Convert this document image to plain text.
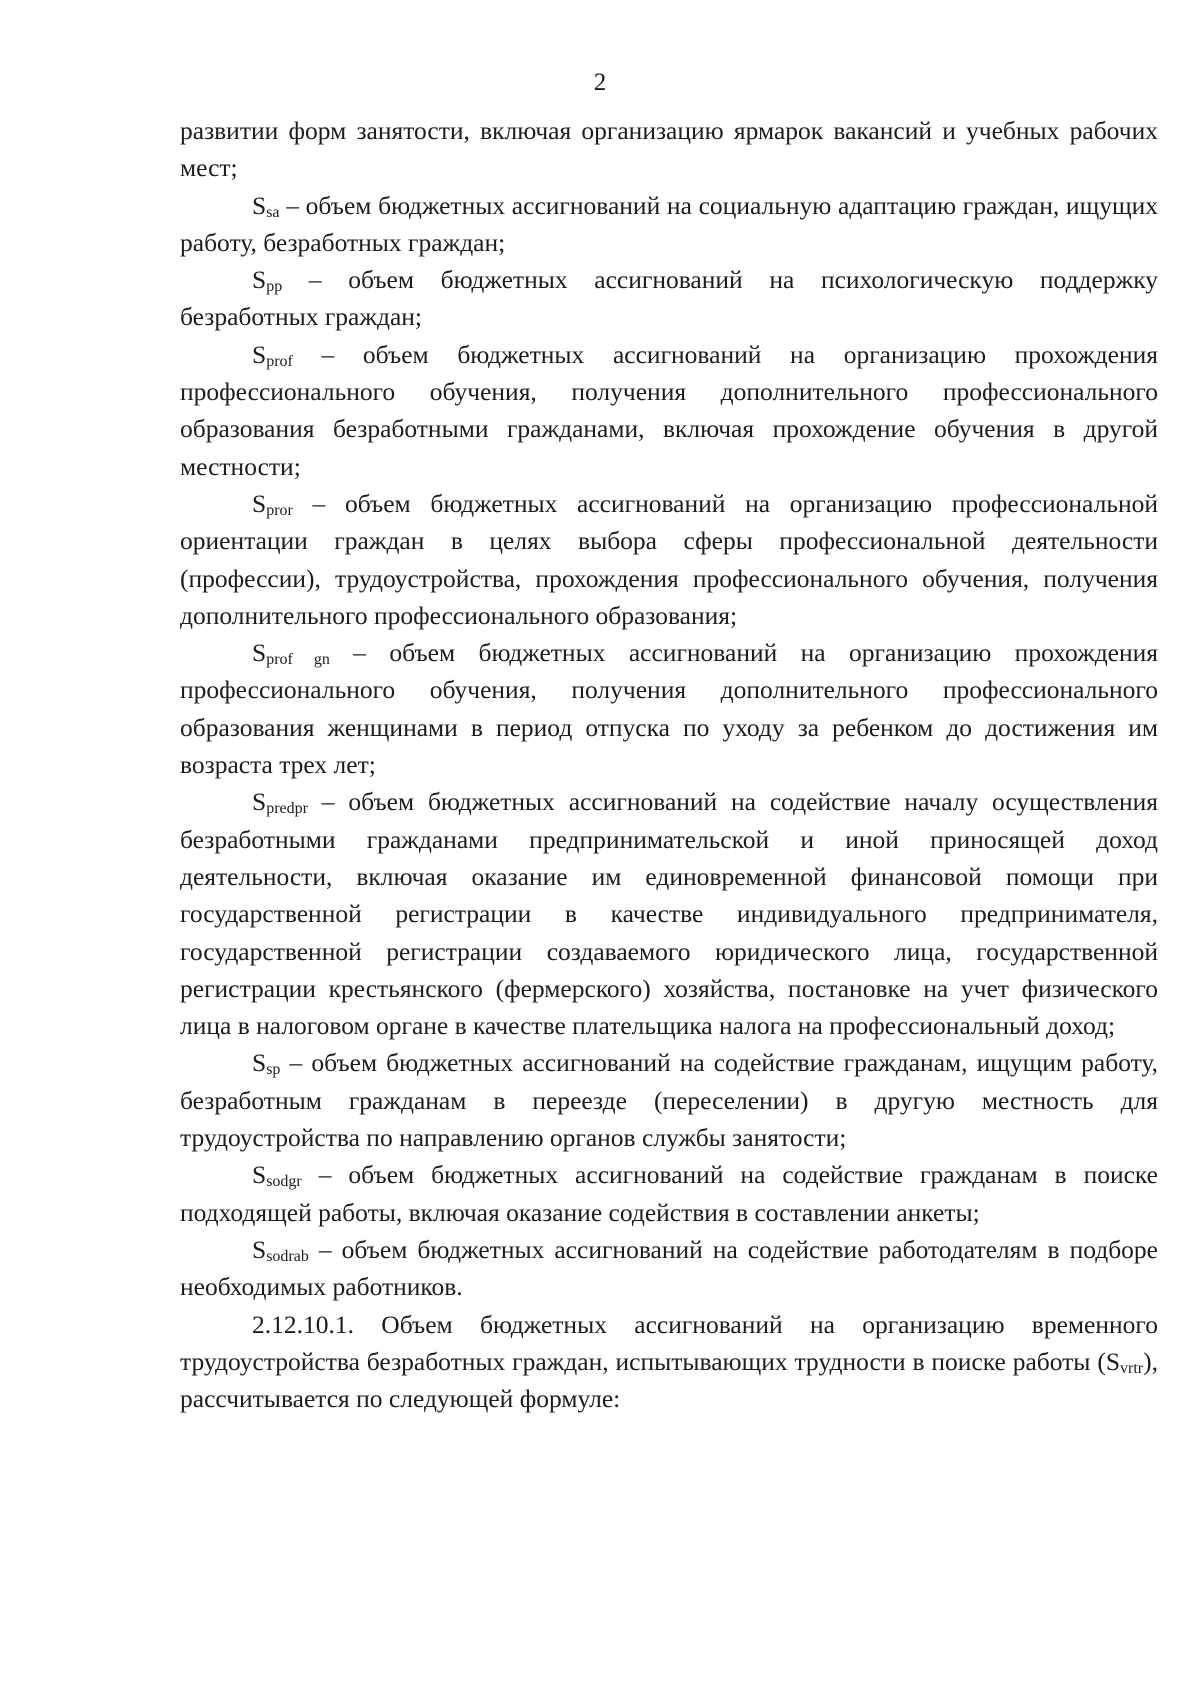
2

развитии форм занятости, включая организацию ярмарок вакансий и учебных рабочих мест;

Ssa – объем бюджетных ассигнований на социальную адаптацию граждан, ищущих работу, безработных граждан;

Spp – объем бюджетных ассигнований на психологическую поддержку безработных граждан;

Sprof – объем бюджетных ассигнований на организацию прохождения профессионального обучения, получения дополнительного профессионального образования безработными гражданами, включая прохождение обучения в другой местности;

Spror – объем бюджетных ассигнований на организацию профессиональной ориентации граждан в целях выбора сферы профессиональной деятельности (профессии), трудоустройства, прохождения профессионального обучения, получения дополнительного профессионального образования;

Sprof gn – объем бюджетных ассигнований на организацию прохождения профессионального обучения, получения дополнительного профессионального образования женщинами в период отпуска по уходу за ребенком до достижения им возраста трех лет;

Spredpr – объем бюджетных ассигнований на содействие началу осуществления безработными гражданами предпринимательской и иной приносящей доход деятельности, включая оказание им единовременной финансовой помощи при государственной регистрации в качестве индивидуального предпринимателя, государственной регистрации создаваемого юридического лица, государственной регистрации крестьянского (фермерского) хозяйства, постановке на учет физического лица в налоговом органе в качестве плательщика налога на профессиональный доход;

Ssp – объем бюджетных ассигнований на содействие гражданам, ищущим работу, безработным гражданам в переезде (переселении) в другую местность для трудоустройства по направлению органов службы занятости;

Ssodgr – объем бюджетных ассигнований на содействие гражданам в поиске подходящей работы, включая оказание содействия в составлении анкеты;

Ssodrab – объем бюджетных ассигнований на содействие работодателям в подборе необходимых работников.

2.12.10.1. Объем бюджетных ассигнований на организацию временного трудоустройства безработных граждан, испытывающих трудности в поиске работы (Svrtr), рассчитывается по следующей формуле:
